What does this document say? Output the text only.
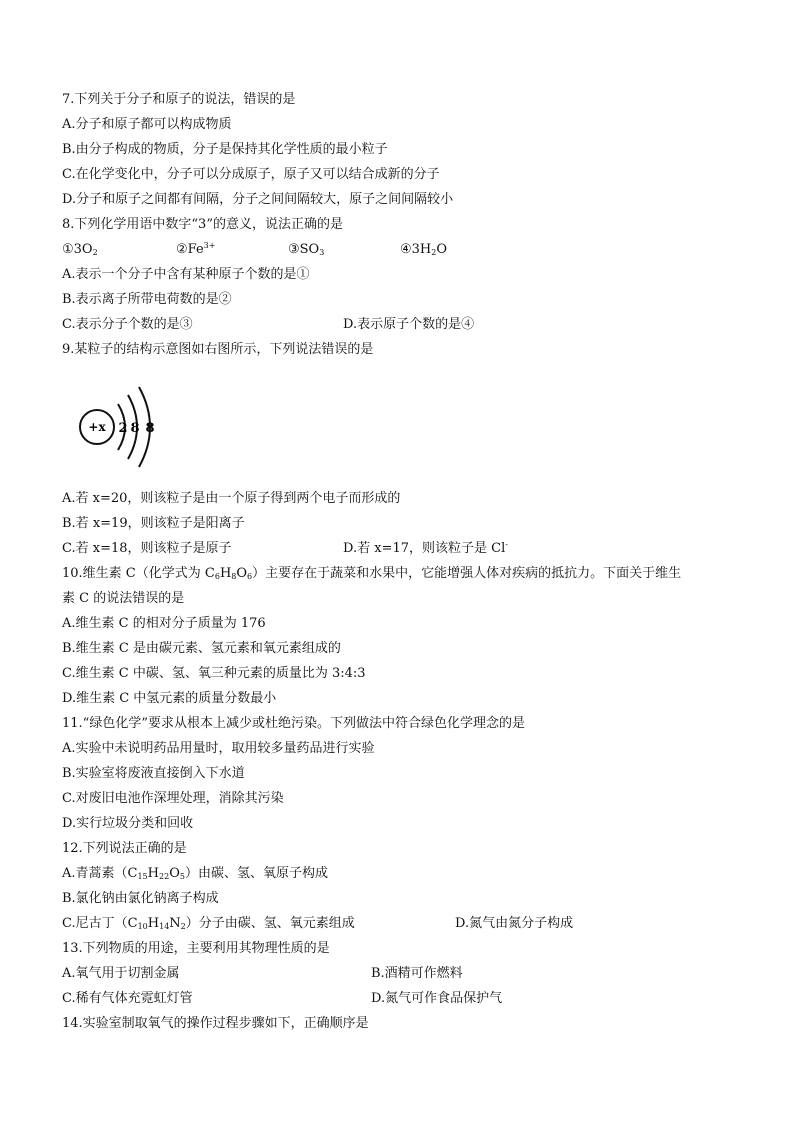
7.下列关于分子和原子的说法，错误的是
A.分子和原子都可以构成物质
B.由分子构成的物质，分子是保持其化学性质的最小粒子
C.在化学变化中，分子可以分成原子，原子又可以结合成新的分子
D.分子和原子之间都有间隔，分子之间间隔较大，原子之间间隔较小
8.下列化学用语中数字“3”的意义，说法正确的是
$①3O_2$	$②Fe^{3+}$	$③SO_3$	$④3H_2O$
A.表示一个分子中含有某种原子个数的是①
B.表示离子所带电荷数的是②
C.表示分子个数的是③	D.表示原子个数的是④
9.某粒子的结构示意图如右图所示，下列说法错误的是
+x 2 8 8
A.若 x=20，则该粒子是由一个原子得到两个电子而形成的
B.若 x=19，则该粒子是阳离子
C.若 x=18，则该粒子是原子	D.若 x=17，则该粒子是 Cl-
10.维生素 C（化学式为 $C_6H_8O_6$）主要存在于蔬菜和水果中，它能增强人体对疾病的抵抗力。下面关于维生
素 C 的说法错误的是
A.维生素 C 的相对分子质量为 176
B.维生素 C 是由碳元素、氢元素和氧元素组成的
C.维生素 C 中碳、氢、氧三种元素的质量比为 3:4:3
D.维生素 C 中氢元素的质量分数最小
11.“绿色化学”要求从根本上减少或杜绝污染。下列做法中符合绿色化学理念的是
A.实验中未说明药品用量时，取用较多量药品进行实验
B.实验室将废液直接倒入下水道
C.对废旧电池作深埋处理，消除其污染
D.实行垃圾分类和回收
12.下列说法正确的是
A.青蒿素$(C_{15}H_{22}O_5)$由碳、氢、氧原子构成
B.氯化钠由氯化钠离子构成
C.尼古丁$(C_{10}H_{14}N_2)$分子由碳、氢、氧元素组成	D.氮气由氮分子构成
13.下列物质的用途，主要利用其物理性质的是
A.氧气用于切割金属	B.酒精可作燃料
C.稀有气体充霓虹灯管	D.氮气可作食品保护气
14.实验室制取氧气的操作过程步骤如下，正确顺序是
